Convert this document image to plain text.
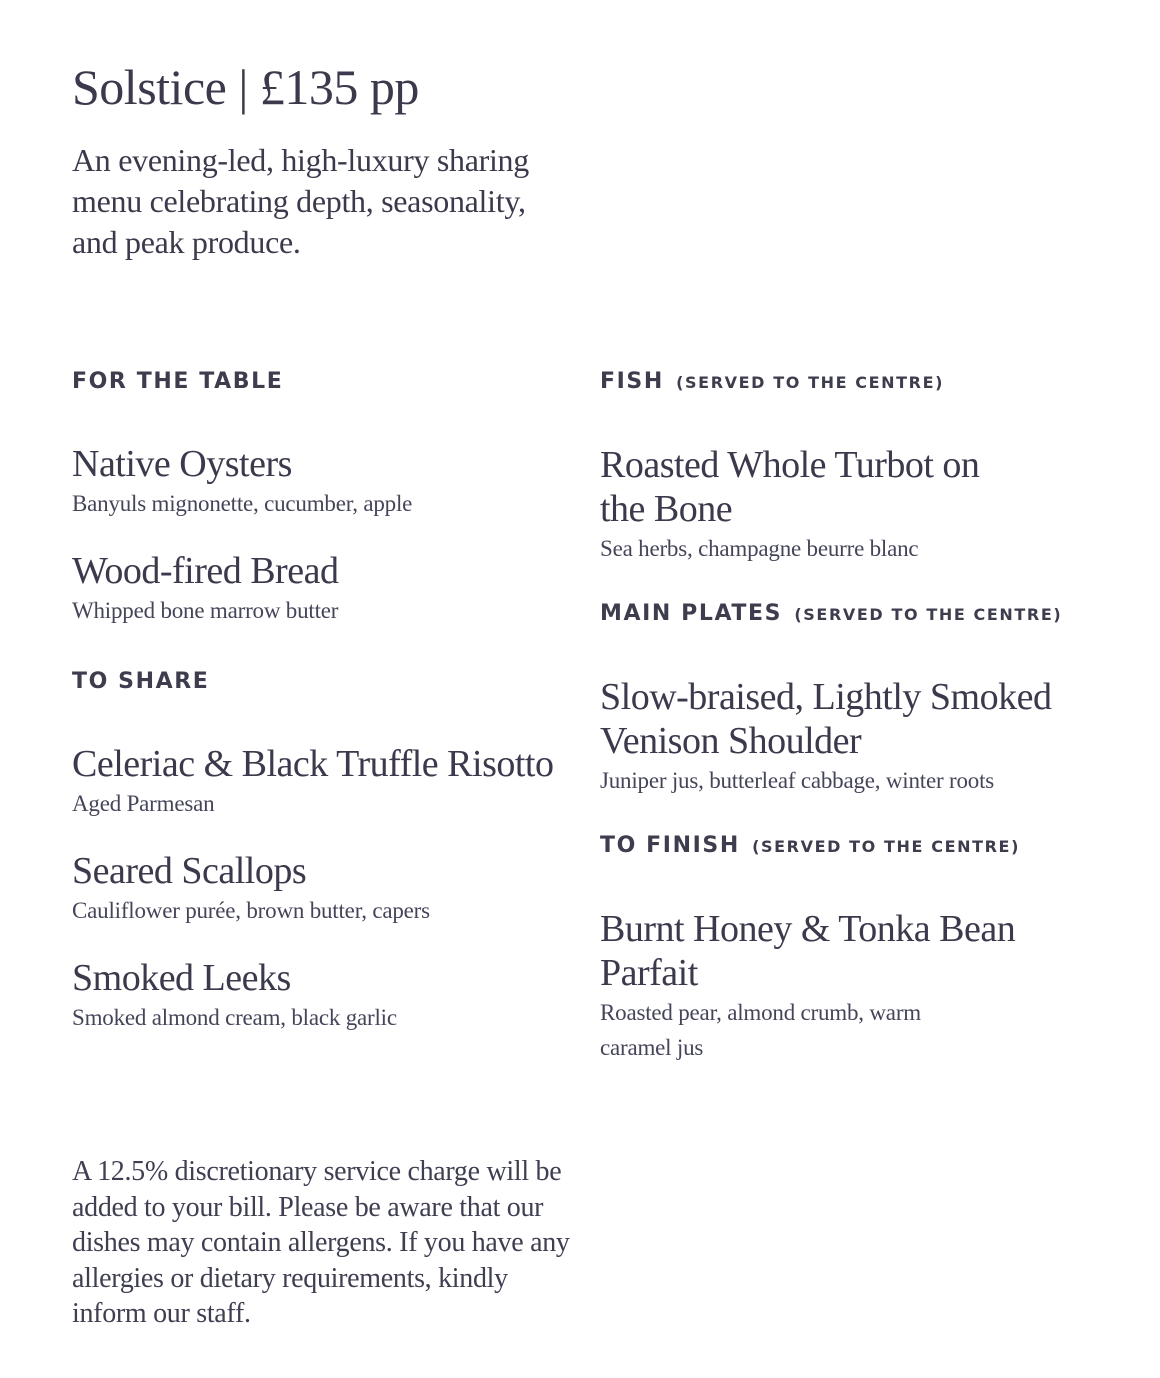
Solstice | £135 pp

An evening-led, high-luxury sharing menu celebrating depth, seasonality, and peak produce.

FOR THE TABLE
Native Oysters

Banyuls mignonette, cucumber, apple

Wood-fired Bread

Whipped bone marrow butter

TO SHARE
Celeriac & Black Truffle Risotto

Aged Parmesan

Seared Scallops

Cauliflower purée, brown butter, capers

Smoked Leeks

Smoked almond cream, black garlic

FISH (SERVED TO THE CENTRE)
Roasted Whole Turbot on the Bone

Sea herbs, champagne beurre blanc

MAIN PLATES (SERVED TO THE CENTRE)
Slow-braised, Lightly Smoked Venison Shoulder

Juniper jus, butterleaf cabbage, winter roots

TO FINISH (SERVED TO THE CENTRE)
Burnt Honey & Tonka Bean Parfait

Roasted pear, almond crumb, warm caramel jus

A 12.5% discretionary service charge will be added to your bill. Please be aware that our dishes may contain allergens. If you have any allergies or dietary requirements, kindly inform our staff.
